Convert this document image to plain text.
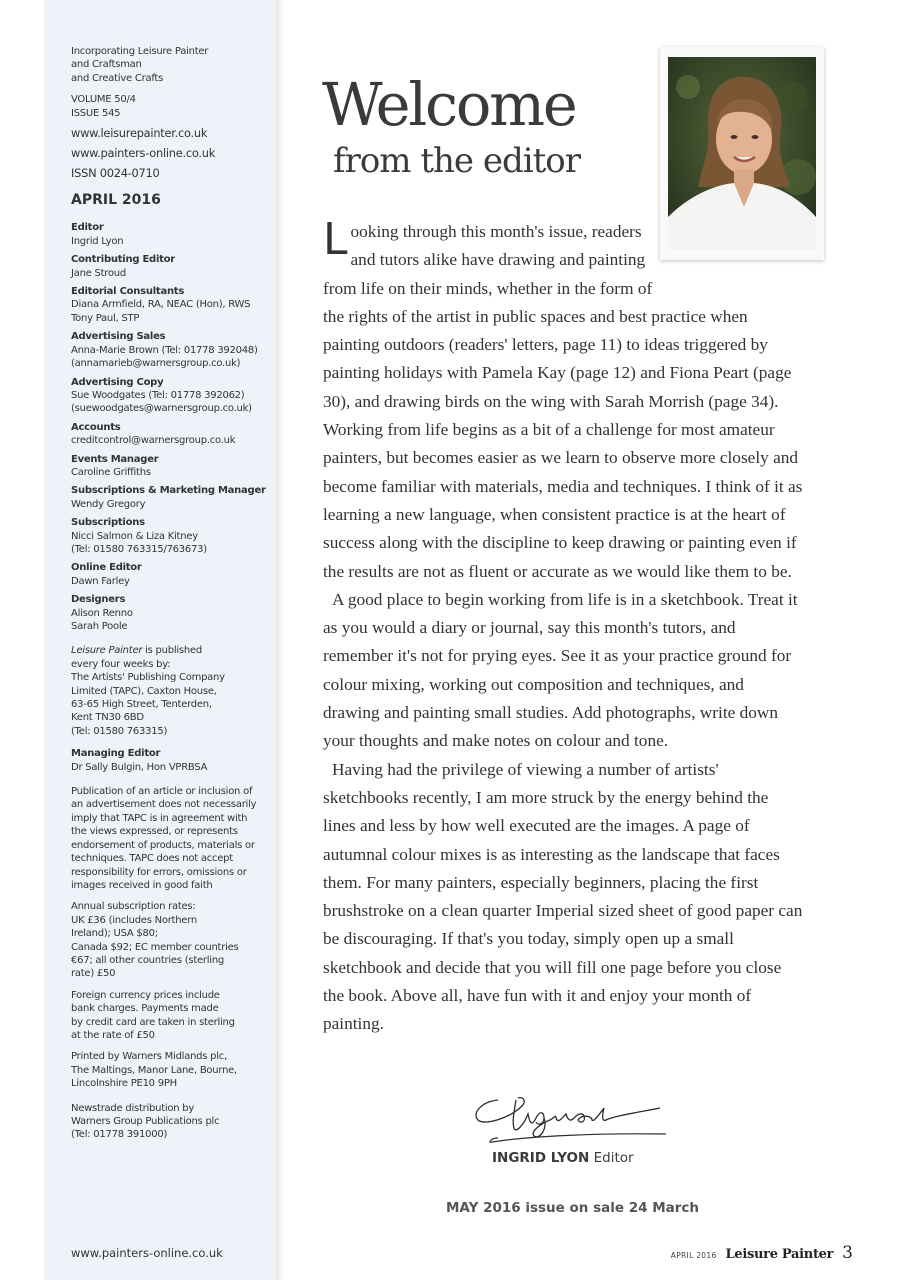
Incorporating Leisure Painter
and Craftsman
and Creative Crafts
VOLUME 50/4
ISSUE 545
www.leisurepainter.co.uk
www.painters-online.co.uk
ISSN 0024-0710
APRIL 2016
Editor
Ingrid Lyon
Contributing Editor
Jane Stroud
Editorial Consultants
Diana Armfield, RA, NEAC (Hon), RWS
Tony Paul, STP
Advertising Sales
Anna-Marie Brown (Tel: 01778 392048)
(annamarieb@warnersgroup.co.uk)
Advertising Copy
Sue Woodgates (Tel: 01778 392062)
(suewoodgates@warnersgroup.co.uk)
Accounts
creditcontrol@warnersgroup.co.uk
Events Manager
Caroline Griffiths
Subscriptions & Marketing Manager
Wendy Gregory
Subscriptions
Nicci Salmon & Liza Kitney
(Tel: 01580 763315/763673)
Online Editor
Dawn Farley
Designers
Alison Renno
Sarah Poole
Leisure Painter is published
every four weeks by:
The Artists' Publishing Company
Limited (TAPC), Caxton House,
63-65 High Street, Tenterden,
Kent TN30 6BD
(Tel: 01580 763315)
Managing Editor
Dr Sally Bulgin, Hon VPRBSA
Publication of an article or inclusion of
an advertisement does not necessarily
imply that TAPC is in agreement with
the views expressed, or represents
endorsement of products, materials or
techniques. TAPC does not accept
responsibility for errors, omissions or
images received in good faith
Annual subscription rates:
UK £36 (includes Northern
Ireland); USA $80;
Canada $92; EC member countries
€67; all other countries (sterling
rate) £50
Foreign currency prices include
bank charges. Payments made
by credit card are taken in sterling
at the rate of £50
Printed by Warners Midlands plc,
The Maltings, Manor Lane, Bourne,
Lincolnshire PE10 9PH
Newstrade distribution by
Warners Group Publications plc
(Tel: 01778 391000)
www.painters-online.co.uk
Welcome
from the editor

Looking through this month's issue, readers and tutors alike have drawing and painting from life on their minds, whether in the form of the rights of the artist in public spaces and best practice when painting outdoors (readers' letters, page 11) to ideas triggered by painting holidays with Pamela Kay (page 12) and Fiona Peart (page 30), and drawing birds on the wing with Sarah Morrish (page 34). Working from life begins as a bit of a challenge for most amateur painters, but becomes easier as we learn to observe more closely and become familiar with materials, media and techniques. I think of it as learning a new language, when consistent practice is at the heart of success along with the discipline to keep drawing or painting even if the results are not as fluent or accurate as we would like them to be.

A good place to begin working from life is in a sketchbook. Treat it as you would a diary or journal, say this month's tutors, and remember it's not for prying eyes. See it as your practice ground for colour mixing, working out composition and techniques, and drawing and painting small studies. Add photographs, write down your thoughts and make notes on colour and tone.

Having had the privilege of viewing a number of artists' sketchbooks recently, I am more struck by the energy behind the lines and less by how well executed are the images. A page of autumnal colour mixes is as interesting as the landscape that faces them. For many painters, especially beginners, placing the first brushstroke on a clean quarter Imperial sized sheet of good paper can be discouraging. If that's you today, simply open up a small sketchbook and decide that you will fill one page before you close the book. Above all, have fun with it and enjoy your month of painting.

INGRID LYON Editor
MAY 2016 issue on sale 24 March
APRIL 2016 Leisure Painter 3
